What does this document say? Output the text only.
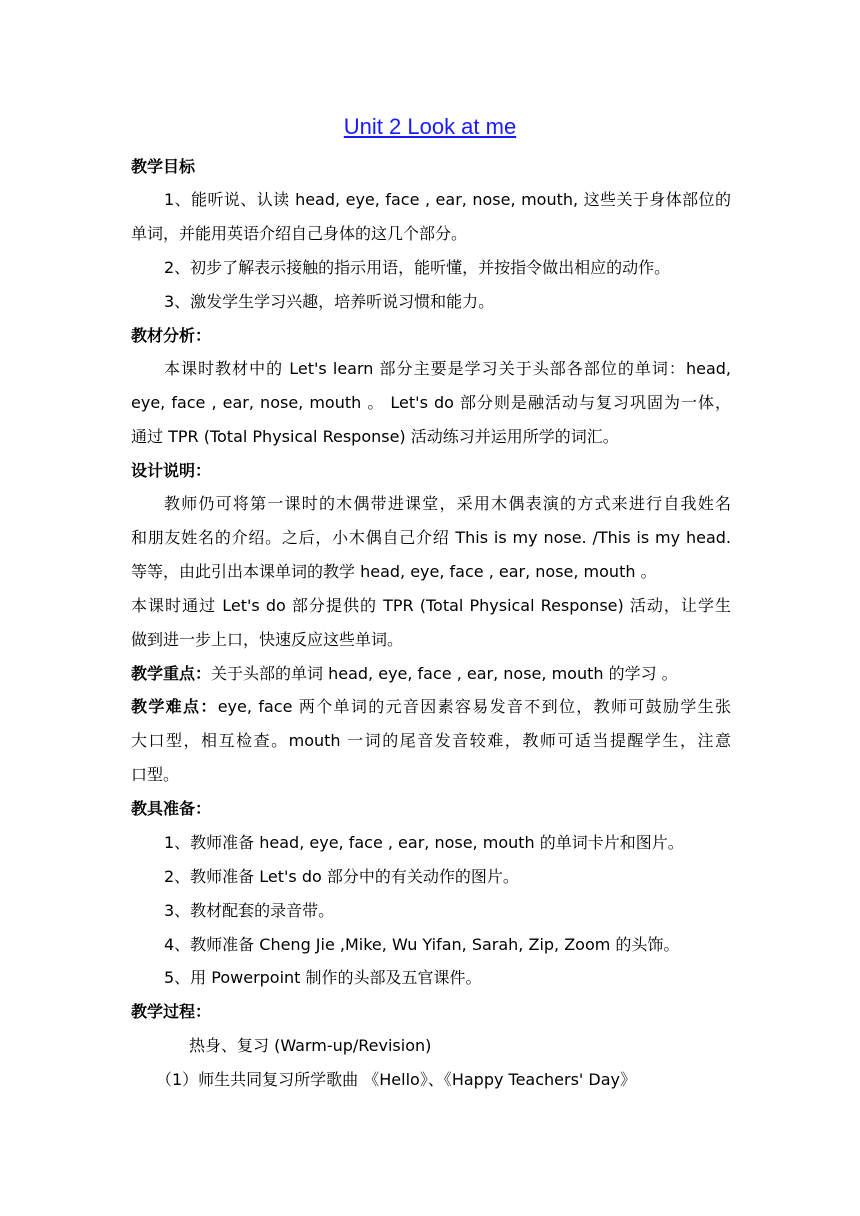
Unit 2 Look at me
教学目标
1、能听说、认读 head, eye, face , ear, nose, mouth, 这些关于身体部位的
单词，并能用英语介绍自己身体的这几个部分。
2、初步了解表示接触的指示用语，能听懂，并按指令做出相应的动作。
3、激发学生学习兴趣，培养听说习惯和能力。
教材分析：
本课时教材中的 Let's learn 部分主要是学习关于头部各部位的单词：head,
eye, face , ear, nose, mouth 。 Let's do 部分则是融活动与复习巩固为一体，
通过 TPR (Total Physical Response) 活动练习并运用所学的词汇。
设计说明：
教师仍可将第一课时的木偶带进课堂，采用木偶表演的方式来进行自我姓名
和朋友姓名的介绍。之后，小木偶自己介绍 This is my nose. /This is my head.
等等，由此引出本课单词的教学 head, eye, face , ear, nose, mouth 。
本课时通过 Let's do 部分提供的 TPR (Total Physical Response) 活动，让学生
做到进一步上口，快速反应这些单词。
教学重点：关于头部的单词 head, eye, face , ear, nose, mouth 的学习 。
教学难点：eye, face 两个单词的元音因素容易发音不到位，教师可鼓励学生张
大口型，相互检查。mouth 一词的尾音发音较难，教师可适当提醒学生，注意
口型。
教具准备：
1、教师准备 head, eye, face , ear, nose, mouth 的单词卡片和图片。
2、教师准备 Let's do 部分中的有关动作的图片。
3、教材配套的录音带。
4、教师准备 Cheng Jie ,Mike, Wu Yifan, Sarah, Zip, Zoom 的头饰。
5、用 Powerpoint 制作的头部及五官课件。
教学过程：
热身、复习 (Warm-up/Revision)
（1）师生共同复习所学歌曲 《Hello》、《Happy Teachers' Day》
